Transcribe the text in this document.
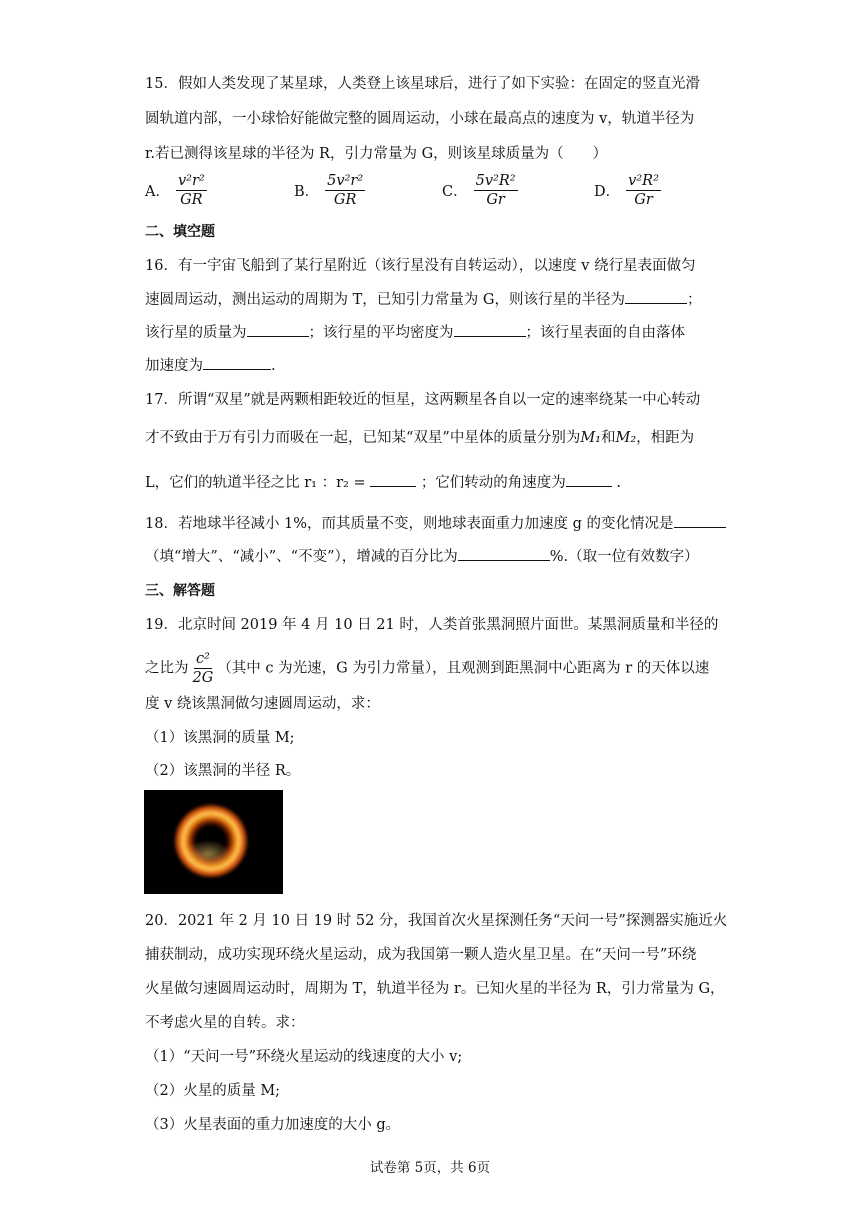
15．假如人类发现了某星球，人类登上该星球后，进行了如下实验：在固定的竖直光滑
圆轨道内部，一小球恰好能做完整的圆周运动，小球在最高点的速度为 v，轨道半径为
r.若已测得该星球的半径为 R，引力常量为 G，则该星球质量为（　　）
A． $\frac{\text{v²r²}}{GR}$	B． $\frac{\text{5v²r²}}{GR}$	C． $\frac{\text{5v²R²}}{Gr}$	D． $\frac{\text{v²R²}}{Gr}$
二、填空题
16．有一宇宙飞船到了某行星附近（该行星没有自转运动），以速度 v 绕行星表面做匀
速圆周运动，测出运动的周期为 T，已知引力常量为 G，则该行星的半径为	；
该行星的质量为	；该行星的平均密度为	；该行星表面的自由落体
加速度为	.
17．所谓“双星”就是两颗相距较近的恒星，这两颗星各自以一定的速率绕某一中心转动
才不致由于万有引力而吸在一起，已知某“双星”中星体的质量分别为M₁和M₂，相距为
L，它们的轨道半径之比 r₁ ：r₂ =	；它们转动的角速度为	.
18．若地球半径减小 1%，而其质量不变，则地球表面重力加速度 g 的变化情况是
（填“增大”、“减小”、“不变”），增减的百分比为	%.（取一位有效数字）
三、解答题
19．北京时间 2019 年 4 月 10 日 21 时，人类首张黑洞照片面世。某黑洞质量和半径的
之比为 $\frac{\text{c²}}{2G}$ （其中 c 为光速，G 为引力常量），且观测到距黑洞中心距离为 r 的天体以速
度 v 绕该黑洞做匀速圆周运动，求：
（1）该黑洞的质量 M;
（2）该黑洞的半径 R。
20．2021 年 2 月 10 日 19 时 52 分，我国首次火星探测任务“天问一号”探测器实施近火
捕获制动，成功实现环绕火星运动，成为我国第一颗人造火星卫星。在“天问一号”环绕
火星做匀速圆周运动时，周期为 T，轨道半径为 r。已知火星的半径为 R，引力常量为 G，
不考虑火星的自转。求：
（1）“天问一号”环绕火星运动的线速度的大小 v;
（2）火星的质量 M;
（3）火星表面的重力加速度的大小 g。
试卷第 5页，共 6页
